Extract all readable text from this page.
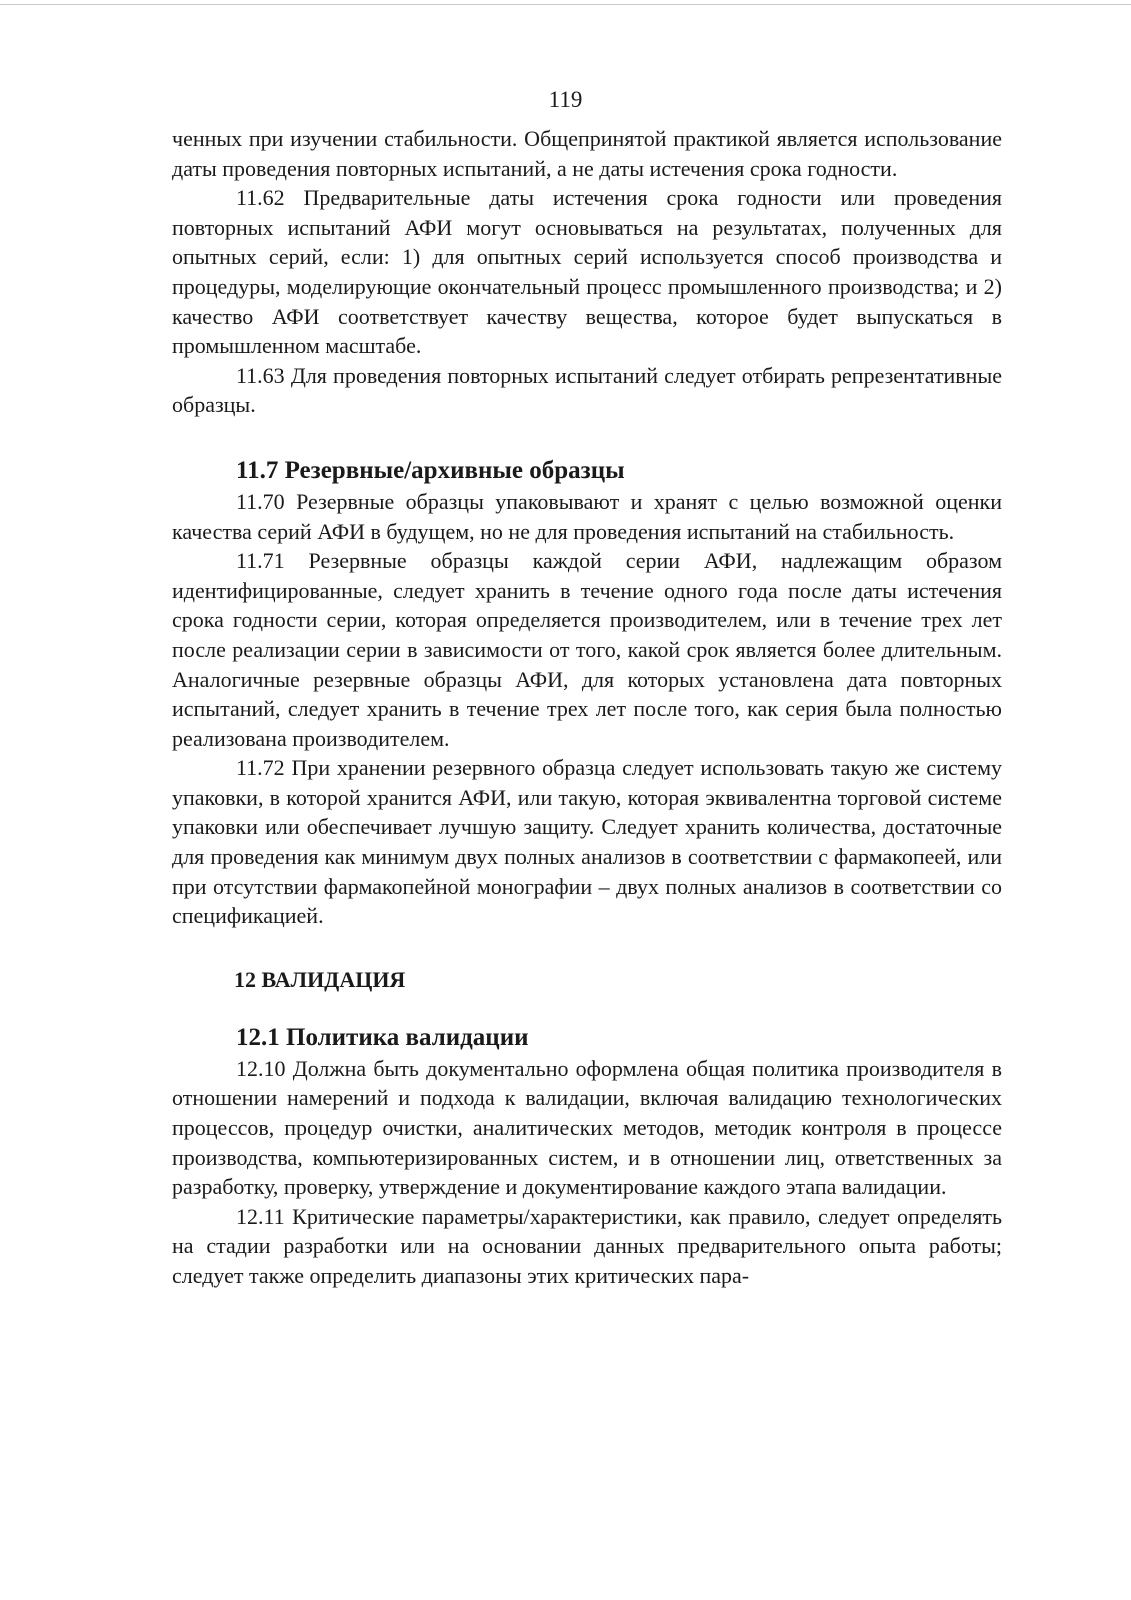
119

ченных при изучении стабильности. Общепринятой практикой является использование даты проведения повторных испытаний, а не даты истечения срока годности.

11.62 Предварительные даты истечения срока годности или проведения повторных испытаний АФИ могут основываться на результатах, полученных для опытных серий, если: 1) для опытных серий используется способ производства и процедуры, моделирующие окончательный процесс промышленного производства; и 2) качество АФИ соответствует качеству вещества, которое будет выпускаться в промышленном масштабе.

11.63 Для проведения повторных испытаний следует отбирать репрезентативные образцы.

11.7 Резервные/архивные образцы

11.70 Резервные образцы упаковывают и хранят с целью возможной оценки качества серий АФИ в будущем, но не для проведения испытаний на стабильность.

11.71 Резервные образцы каждой серии АФИ, надлежащим образом идентифицированные, следует хранить в течение одного года после даты истечения срока годности серии, которая определяется производителем, или в течение трех лет после реализации серии в зависимости от того, какой срок является более длительным. Аналогичные резервные образцы АФИ, для которых установлена дата повторных испытаний, следует хранить в течение трех лет после того, как серия была полностью реализована производителем.

11.72 При хранении резервного образца следует использовать такую же систему упаковки, в которой хранится АФИ, или такую, которая эквивалентна торговой системе упаковки или обеспечивает лучшую защиту. Следует хранить количества, достаточные для проведения как минимум двух полных анализов в соответствии с фармакопеей, или при отсутствии фармакопейной монографии – двух полных анализов в соответствии со спецификацией.

12 ВАЛИДАЦИЯ
12.1 Политика валидации

12.10 Должна быть документально оформлена общая политика производителя в отношении намерений и подхода к валидации, включая валидацию технологических процессов, процедур очистки, аналитических методов, методик контроля в процессе производства, компьютеризированных систем, и в отношении лиц, ответственных за разработку, проверку, утверждение и документирование каждого этапа валидации.

12.11 Критические параметры/характеристики, как правило, следует определять на стадии разработки или на основании данных предварительного опыта работы; следует также определить диапазоны этих критических пара-
